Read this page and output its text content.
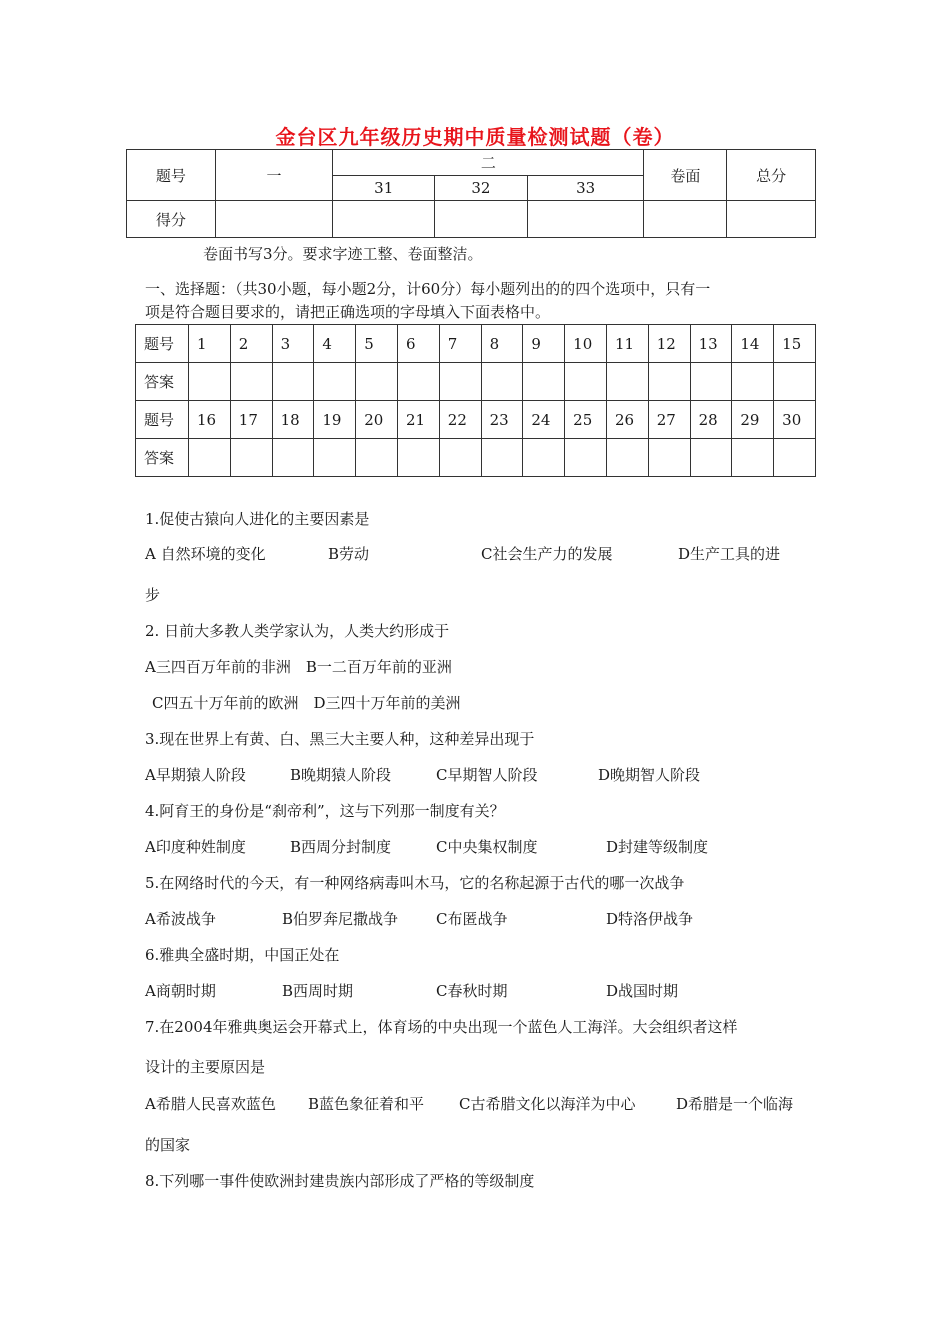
金台区九年级历史期中质量检测试题（卷）
题号	一	二			卷面	总分
		31	32	33		
得分						
卷面书写3分。要求字迹工整、卷面整洁。
一、选择题：（共30小题，每小题2分，计60分）每小题列出的的四个选项中，只有一
项是符合题目要求的，请把正确选项的字母填入下面表格中。
题号	1	2	3	4	5	6	7	8	9	10	11	12	13	14	15
答案															
题号	16	17	18	19	20	21	22	23	24	25	26	27	28	29	30
答案															
1.促使古猿向人进化的主要因素是
A 自然环境的变化	B劳动	C社会生产力的发展	D生产工具的进
步
2. 日前大多教人类学家认为，人类大约形成于
A三四百万年前的非洲　B一二百万年前的亚洲
C四五十万年前的欧洲　D三四十万年前的美洲
3.现在世界上有黄、白、黑三大主要人种，这种差异出现于
A早期猿人阶段	B晚期猿人阶段	C早期智人阶段	D晚期智人阶段
4.阿育王的身份是“刹帝利”，这与下列那一制度有关？
A印度种姓制度	B西周分封制度	C中央集权制度	D封建等级制度
5.在网络时代的今天，有一种网络病毒叫木马，它的名称起源于古代的哪一次战争
A希波战争	B伯罗奔尼撒战争	C布匿战争	D特洛伊战争
6.雅典全盛时期，中国正处在
A商朝时期	B西周时期	C春秋时期	D战国时期
7.在2004年雅典奥运会开幕式上，体育场的中央出现一个蓝色人工海洋。大会组织者这样
设计的主要原因是
A希腊人民喜欢蓝色 B蓝色象征着和平 C古希腊文化以海洋为中心	D希腊是一个临海
的国家
8.下列哪一事件使欧洲封建贵族内部形成了严格的等级制度
